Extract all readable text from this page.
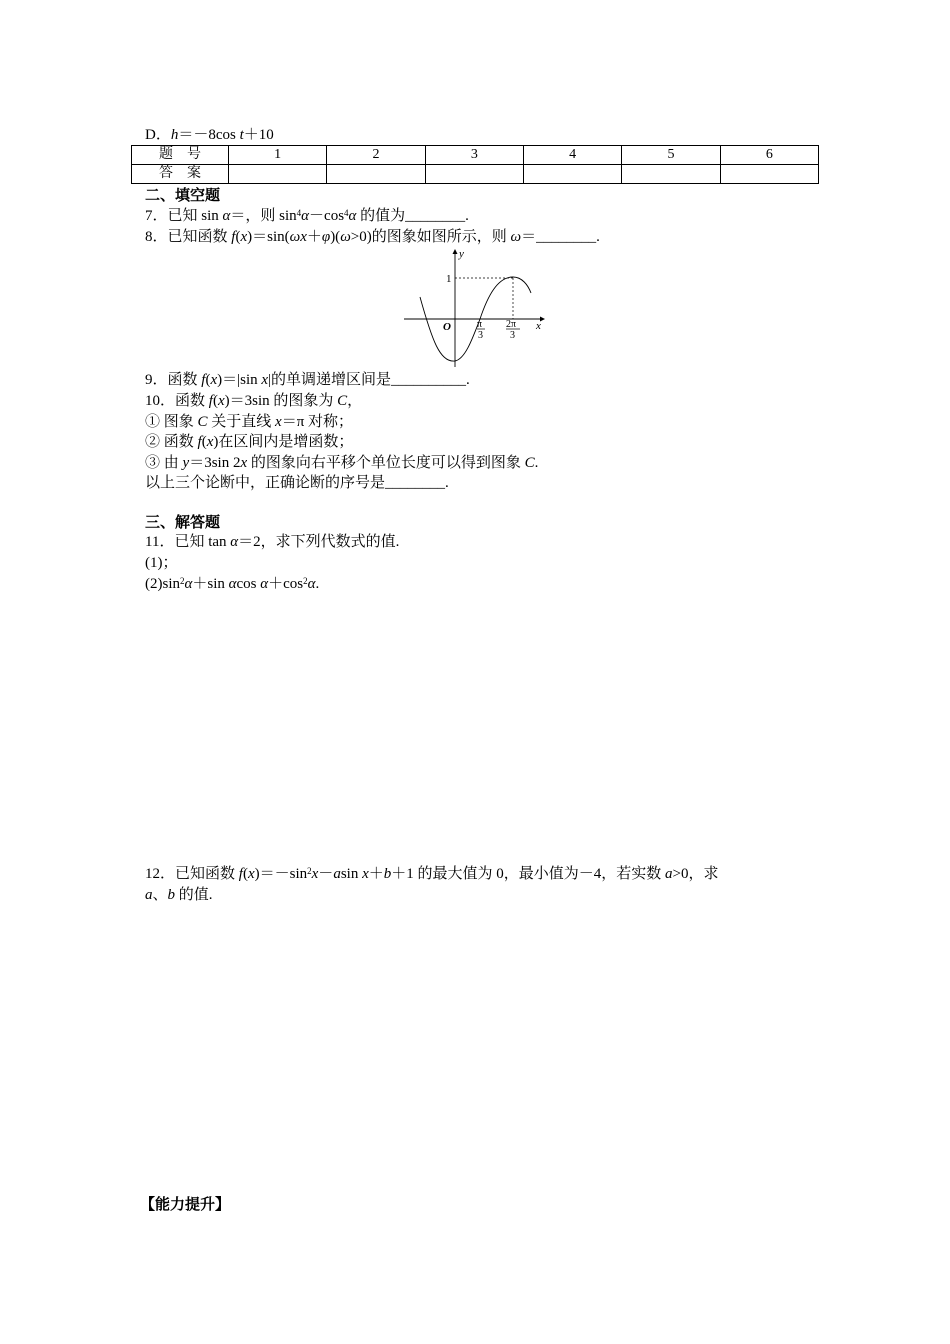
D．h＝－8cos t＋10
题　号	1	2	3	4	5	6
答　案						
二、填空题
7．已知 sin α＝，则 $\sin^4\alpha-\cos^4\alpha$ 的值为________.
8．已知函数 f(x)＝sin(ωx＋φ)(ω>0)的图象如图所示，则 ω＝________.
y
x
O
1
π
3
2π
3
9．函数 f(x)＝|sin x|的单调递增区间是__________.
10．函数 f(x)＝3sin 的图象为 C，
① 图象 C 关于直线 x＝π 对称；
② 函数 f(x)在区间内是增函数；
③ 由 y＝3sin 2x 的图象向右平移个单位长度可以得到图象 C.
以上三个论断中，正确论断的序号是________.
三、解答题
11．已知 tan α＝2，求下列代数式的值.
(1)；
$(2)\sin^2\alpha+\sin$ αcos $\alpha+\cos^2\alpha$.
12．已知函数 $f(x)=-\sin^2x-asin$ x＋b＋1 的最大值为 0，最小值为－4，若实数 a>0，求
a、b 的值.
【能力提升】
